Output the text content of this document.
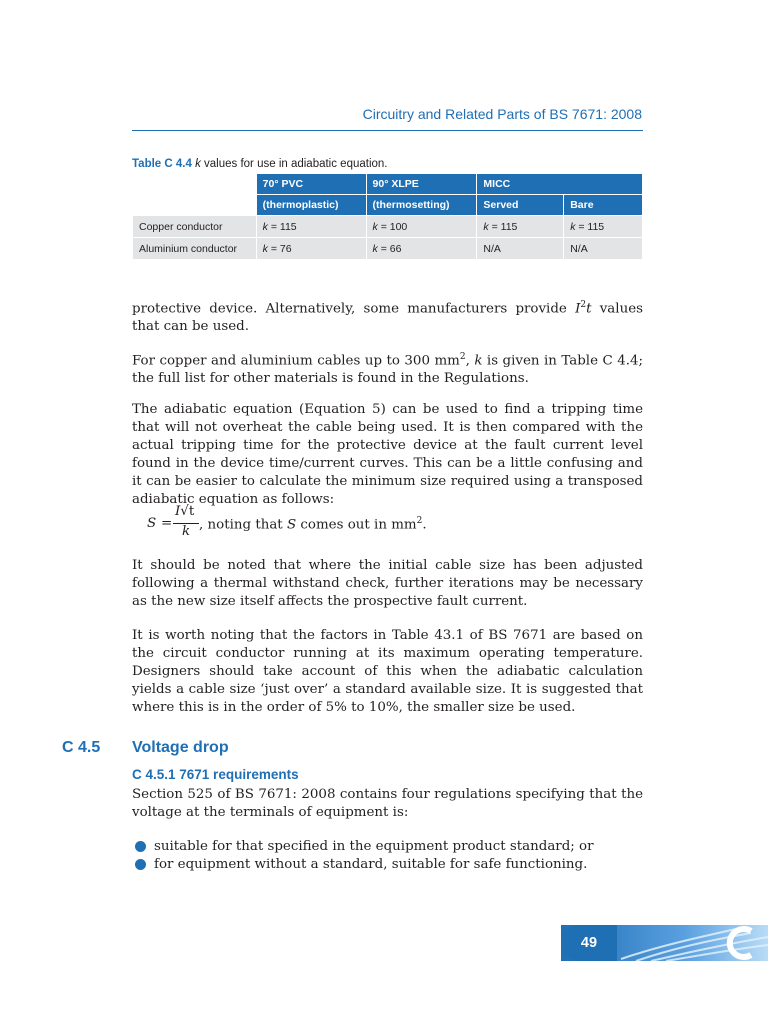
Circuitry and Related Parts of BS 7671: 2008
Table C 4.4 k values for use in adiabatic equation.
	70° PVC	90° XLPE	MICC	
	(thermoplastic)	(thermosetting)	Served	Bare
Copper conductor	k = 115	k = 100	k = 115	k = 115
Aluminium conductor	k = 76	k = 66	N/A	N/A
protective device. Alternatively, some manufacturers provide $I^2t$ values that can be used.
For copper and aluminium cables up to 300 $mm^2$, k is given in Table C 4.4; the full list for other materials is found in the Regulations.
The adiabatic equation (Equation 5) can be used to find a tripping time that will not overheat the cable being used. It is then compared with the actual tripping time for the protective device at the fault current level found in the device time/current curves. This can be a little confusing and it can be easier to calculate the minimum size required using a transposed adiabatic equation as follows:
S =
I√t
k , noting that S comes out in $mm^2$.
It should be noted that where the initial cable size has been adjusted following a thermal withstand check, further iterations may be necessary as the new size itself affects the prospective fault current.
It is worth noting that the factors in Table 43.1 of BS 7671 are based on the circuit conductor running at its maximum operating temperature. Designers should take account of this when the adiabatic calculation yields a cable size ‘just over’ a standard available size. It is suggested that where this is in the order of 5% to 10%, the smaller size be used.
C 4.5 Voltage drop
C 4.5.1 7671 requirements
Section 525 of BS 7671: 2008 contains four regulations specifying that the voltage at the terminals of equipment is:
suitable for that specified in the equipment product standard; or
for equipment without a standard, suitable for safe functioning.
49
